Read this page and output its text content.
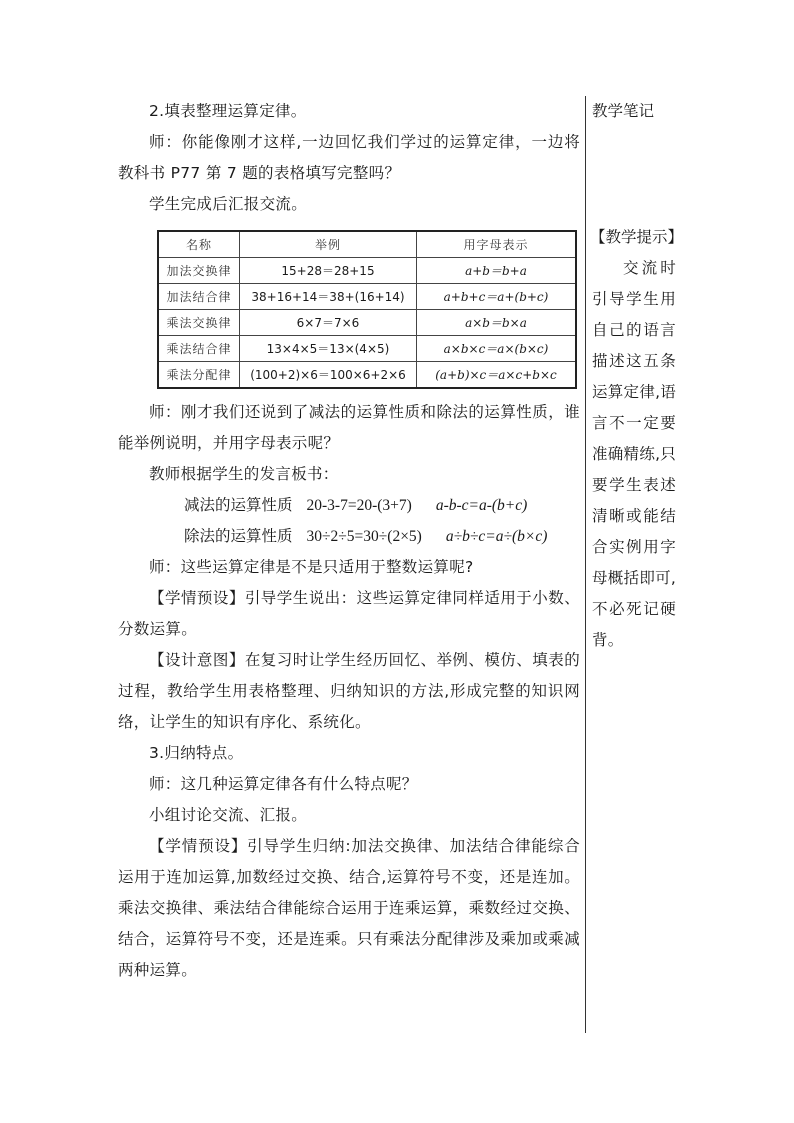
2.填表整理运算定律。

师：你能像刚才这样,一边回忆我们学过的运算定律，一边将教科书 P77 第 7 题的表格填写完整吗？

学生完成后汇报交流。

名称	举例	用字母表示
加法交换律	15+28＝28+15	a+b＝b+a
加法结合律	38+16+14＝38+(16+14)	a+b+c＝a+(b+c)
乘法交换律	6×7＝7×6	a×b＝b×a
乘法结合律	13×4×5＝13×(4×5)	a×b×c＝a×(b×c)
乘法分配律	(100+2)×6＝100×6+2×6	(a+b)×c＝a×c+b×c

师：刚才我们还说到了减法的运算性质和除法的运算性质，谁能举例说明，并用字母表示呢？

教师根据学生的发言板书：

减法的运算性质 20-3-7=20-(3+7) a-b-c=a-(b+c)

除法的运算性质 30÷2÷5=30÷(2×5) a÷b÷c=a÷(b×c)

师：这些运算定律是不是只适用于整数运算呢?

【学情预设】引导学生说出：这些运算定律同样适用于小数、分数运算。

【设计意图】在复习时让学生经历回忆、举例、模仿、填表的过程，教给学生用表格整理、归纳知识的方法,形成完整的知识网络，让学生的知识有序化、系统化。

3.归纳特点。

师：这几种运算定律各有什么特点呢？

小组讨论交流、汇报。

【学情预设】引导学生归纳:加法交换律、加法结合律能综合运用于连加运算,加数经过交换、结合,运算符号不变，还是连加。乘法交换律、乘法结合律能综合运用于连乘运算，乘数经过交换、结合，运算符号不变，还是连乘。只有乘法分配律涉及乘加或乘减两种运算。

教学笔记
【教学提示】
交流时引导学生用自己的语言描述这五条运算定律,语言不一定要准确精练,只要学生表述清晰或能结合实例用字母概括即可,不必死记硬背。
